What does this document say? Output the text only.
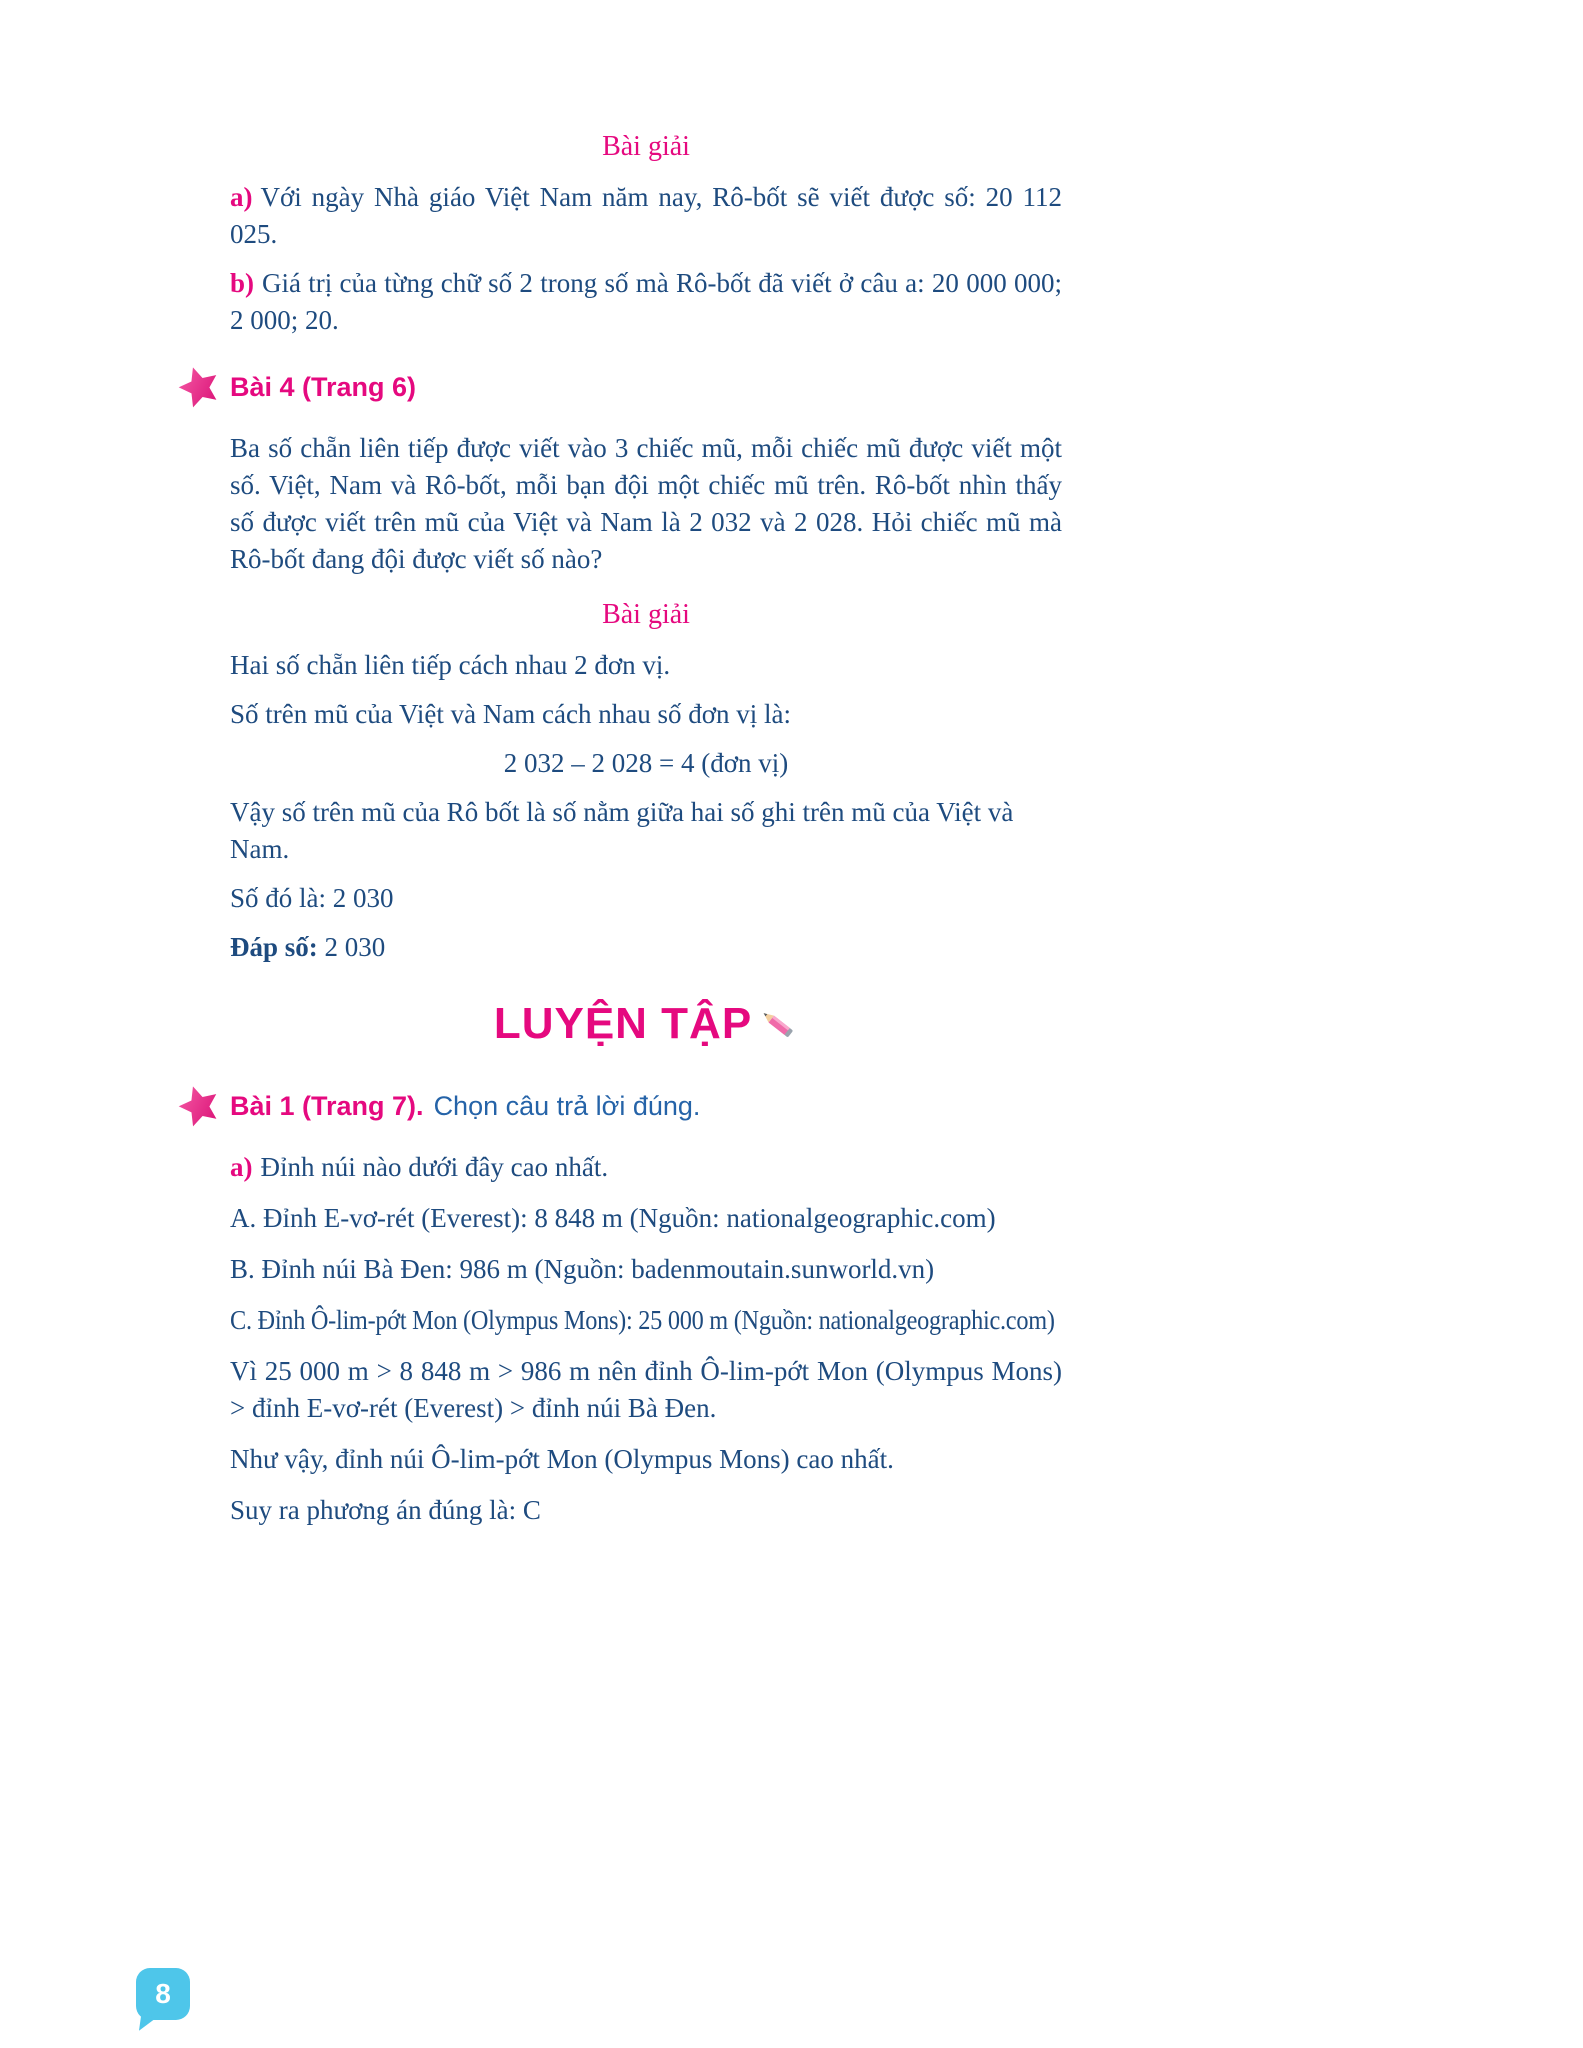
Bài giải

a) Với ngày Nhà giáo Việt Nam năm nay, Rô-bốt sẽ viết được số: 20 112 025.

b) Giá trị của từng chữ số 2 trong số mà Rô-bốt đã viết ở câu a: 20 000 000; 2 000; 20.

Bài 4 (Trang 6)

Ba số chẵn liên tiếp được viết vào 3 chiếc mũ, mỗi chiếc mũ được viết một số. Việt, Nam và Rô-bốt, mỗi bạn đội một chiếc mũ trên. Rô-bốt nhìn thấy số được viết trên mũ của Việt và Nam là 2 032 và 2 028. Hỏi chiếc mũ mà Rô-bốt đang đội được viết số nào?

Bài giải

Hai số chẵn liên tiếp cách nhau 2 đơn vị.

Số trên mũ của Việt và Nam cách nhau số đơn vị là:

2 032 – 2 028 = 4 (đơn vị)

Vậy số trên mũ của Rô bốt là số nằm giữa hai số ghi trên mũ của Việt và Nam.

Số đó là: 2 030

Đáp số: 2 030

LUYỆN TẬP
Bài 1 (Trang 7). Chọn câu trả lời đúng.

a) Đỉnh núi nào dưới đây cao nhất.

A. Đỉnh E-vơ-rét (Everest): 8 848 m (Nguồn: nationalgeographic.com)

B. Đỉnh núi Bà Đen: 986 m (Nguồn: badenmoutain.sunworld.vn)

C. Đỉnh Ô-lim-pớt Mon (Olympus Mons): 25 000 m (Nguồn: nationalgeographic.com)

Vì 25 000 m > 8 848 m > 986 m nên đỉnh Ô-lim-pớt Mon (Olympus Mons) > đỉnh E-vơ-rét (Everest) > đỉnh núi Bà Đen.

Như vậy, đỉnh núi Ô-lim-pớt Mon (Olympus Mons) cao nhất.

Suy ra phương án đúng là: C

8
